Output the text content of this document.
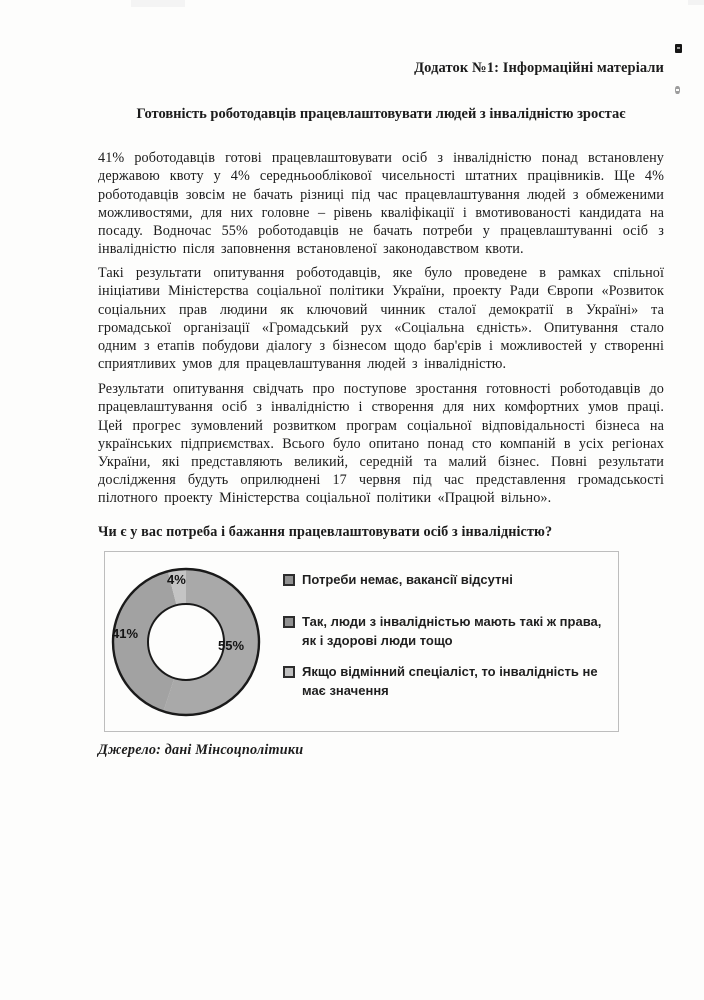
Додаток №1: Інформаційні матеріали
Готовність роботодавців працевлаштовувати людей з інвалідністю зростає

41% роботодавців готові працевлаштовувати осіб з інвалідністю понад встановлену державою квоту у 4% середньооблікової чисельності штатних працівників. Ще 4% роботодавців зовсім не бачать різниці під час працевлаштування людей з обмеженими можливостями, для них головне – рівень кваліфікації і вмотивованості кандидата на посаду. Водночас 55% роботодавців не бачать потреби у працевлаштуванні осіб з інвалідністю після заповнення встановленої законодавством квоти.

Такі результати опитування роботодавців, яке було проведене в рамках спільної ініціативи Міністерства соціальної політики України, проекту Ради Європи «Розвиток соціальних прав людини як ключовий чинник сталої демократії в Україні» та громадської організації «Громадський рух «Соціальна єдність». Опитування стало одним з етапів побудови діалогу з бізнесом щодо бар'єрів і можливостей у створенні сприятливих умов для працевлаштування людей з інвалідністю.

Результати опитування свідчать про поступове зростання готовності роботодавців до працевлаштування осіб з інвалідністю і створення для них комфортних умов праці. Цей прогрес зумовлений розвитком програм соціальної відповідальності бізнеса на українських підприємствах. Всього було опитано понад сто компаній в усіх регіонах України, які представляють великий, середній та малий бізнес. Повні результати дослідження будуть оприлюднені 17 червня під час представлення громадськості пілотного проекту Міністерства соціальної політики «Працюй вільно».

Чи є у вас потреба і бажання працевлаштовувати осіб з інвалідністю?
55%
41%
4%	Потреби немає, вакансії відсутні
Так, люди з інвалідністью мають такі ж права, як і здорові люди тощо
Якщо відмінний спеціаліст, то інвалідність не має значення
Джерело: дані Мінсоцполітики
